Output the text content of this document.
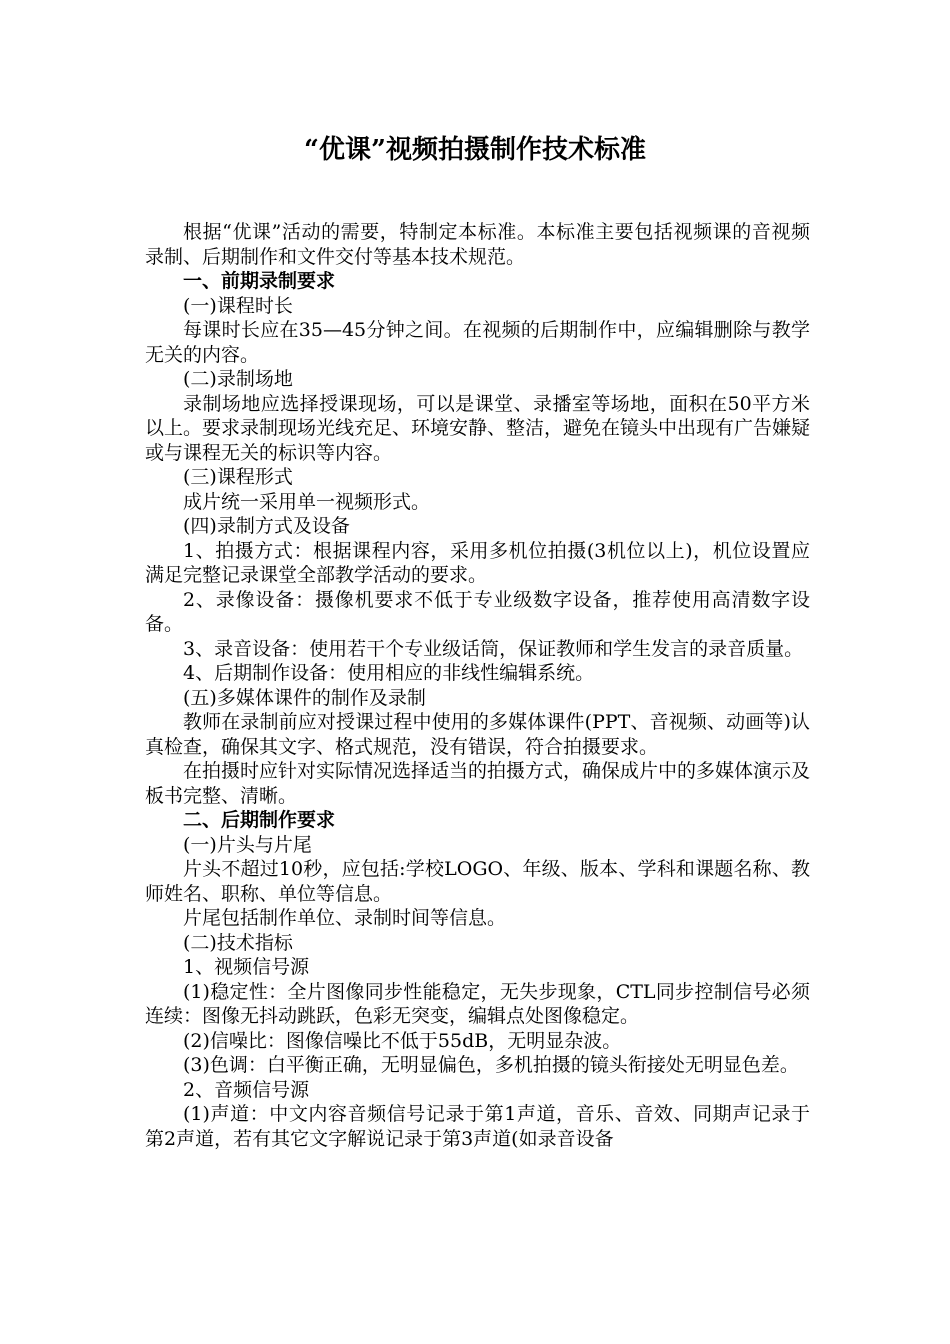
“优课”视频拍摄制作技术标准

根据“优课”活动的需要，特制定本标准。本标准主要包括视频课的音视频录制、后期制作和文件交付等基本技术规范。

一、前期录制要求

(一)课程时长

每课时长应在35—45分钟之间。在视频的后期制作中，应编辑删除与教学无关的内容。

(二)录制场地

录制场地应选择授课现场，可以是课堂、录播室等场地，面积在50平方米以上。要求录制现场光线充足、环境安静、整洁，避免在镜头中出现有广告嫌疑或与课程无关的标识等内容。

(三)课程形式

成片统一采用单一视频形式。

(四)录制方式及设备

1、拍摄方式：根据课程内容，采用多机位拍摄(3机位以上)，机位设置应满足完整记录课堂全部教学活动的要求。

2、录像设备：摄像机要求不低于专业级数字设备，推荐使用高清数字设备。

3、录音设备：使用若干个专业级话筒，保证教师和学生发言的录音质量。

4、后期制作设备：使用相应的非线性编辑系统。

(五)多媒体课件的制作及录制

教师在录制前应对授课过程中使用的多媒体课件(PPT、音视频、动画等)认真检查，确保其文字、格式规范，没有错误，符合拍摄要求。

在拍摄时应针对实际情况选择适当的拍摄方式，确保成片中的多媒体演示及板书完整、清晰。

二、后期制作要求

(一)片头与片尾

片头不超过10秒，应包括:学校LOGO、年级、版本、学科和课题名称、教师姓名、职称、单位等信息。

片尾包括制作单位、录制时间等信息。

(二)技术指标

1、视频信号源

(1)稳定性：全片图像同步性能稳定，无失步现象，CTL同步控制信号必须连续：图像无抖动跳跃，色彩无突变，编辑点处图像稳定。

(2)信噪比：图像信噪比不低于55dB，无明显杂波。

(3)色调：白平衡正确，无明显偏色，多机拍摄的镜头衔接处无明显色差。

2、音频信号源

(1)声道：中文内容音频信号记录于第1声道，音乐、音效、同期声记录于第2声道，若有其它文字解说记录于第3声道(如录音设备
